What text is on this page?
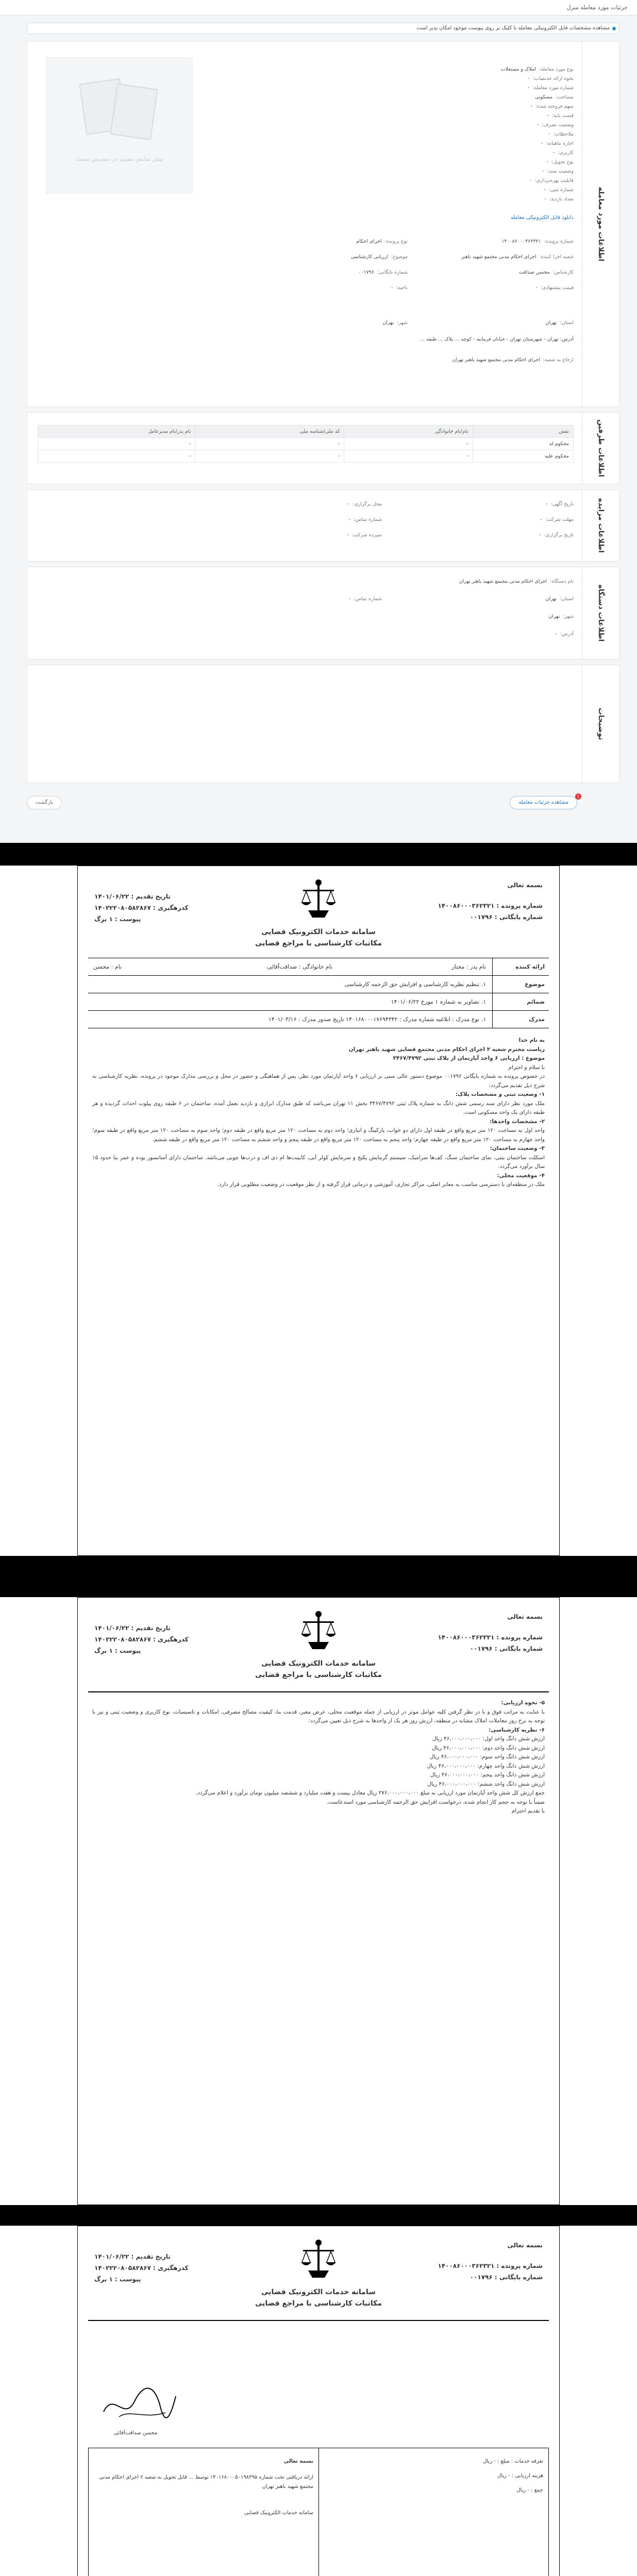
جزئیات مورد معامله منزل
مشاهده مشخصات فایل الکترونیکی معامله با کلیک بر روی پیوست موجود امکان پذیر است
اطلاعات مورد معامله
نوع مورد معامله:املاک و مستغلات
نحوه ارائه حدنصاب:-
شماره مورد معامله:-
مساحت:مسکونی
سهم فروخته شده:-
قیمت پایه:-
وضعیت تصرف:-
ملاحظات:-
اجاره ماهیانه:-
کاربری:-
نوع تحویل:-
وضعیت سند:-
قابلیت بهره‌برداری:-
شماره ثبتی:-
تعداد بازدید:-
دانلود فایل الکترونیکی معامله
شماره پرونده:۱۴۰۰۸۶۰۰۰۳۶۲۳۲۱
شعبه اجرا کننده:اجرای احکام مدنی مجتمع شهید باهنر
کارشناس:محسن صداقت
قیمت پیشنهادی:-
نوع پرونده:اجرای احکام
موضوع:ارزیابی کارشناسی
شماره بایگانی:۰۰۱۷۹۶
ناحیه:-
استان:تهران
شهر:تهران
آدرس: تهران - شهرستان تهران - خیابان فرمانیه - کوچه ... پلاک ... طبقه ...
ارجاع به شعبه:اجرای احکام مدنی مجتمع شهید باهنر تهران
پیش نمایش تصویر در دسترس نیست
اطلاعات طرفین
نقش	نام/نام خانوادگی	کد ملی/شناسه ملی	نام پدر/نام مدیرعامل
محکوم له	-	-	-
محکوم علیه	-	-	-
اطلاعات مزایده
تاریخ آگهی:-
مهلت شرکت:-
تاریخ برگزاری:-
محل برگزاری:-
شماره تماس:-
سپرده شرکت:-
اطلاعات دستگاه
نام دستگاه:اجرای احکام مدنی مجتمع شهید باهنر تهران
استان:تهران
شهر:تهران
آدرس:-
شماره تماس:-
توضیحات
مشاهده جزئیات معامله
1
بازگشت
بسمه تعالی
شماره پرونده : ۱۴۰۰۸۶۰۰۰۳۶۲۳۲۱
شماره بایگانی : ۰۰۱۷۹۶
تاریخ تقدیم : ۱۴۰۱/۰۶/۲۲
کدرهگیری : ۱۴۰۲۲۲۰۸۰۵۸۲۸۶۷
پیوست : ۱ برگ
سامانه خدمات الکترونیک قضایی
مکاتبات کارشناسی با مراجع قضایی
ارائه کننده
نام پدر : مختار
نام خانوادگی : صداقت‌آقائی
نام : محسن
موضوع
۱. تنظیم نظریه کارشناسی و افزایش حق الزحمه کارشناسی
ضمائم
۱. تصاویر به شماره ۱ مورخ ۱۴۰۱/۰۶/۲۲
مدرک
۱. نوع مدرک : ابلاغیه شماره مدرک : ۱۴۰۱۶۸۰۰۰۱۷۶۹۴۳۴۲ تاریخ صدور مدرک : ۱۴۰۱/۰۳/۱۶

به نام خدا

ریاست محترم شعبه ۲ اجرای احکام مدنی مجتمع قضایی شهید باهنر تهران

موضوع : ارزیابی ۶ واحد آپارتمان از پلاک ثبتی ۳۴۶۷/۴۷۹۲

با سلام و احترام

در خصوص پرونده به شماره بایگانی ۰۰۱۷۹۶ موضوع دستور عالی مبنی بر ارزیابی ۶ واحد آپارتمان مورد نظر، پس از هماهنگی و حضور در محل و بررسی مدارک موجود در پرونده، نظریه کارشناسی به شرح ذیل تقدیم می‌گردد:

۱- وضعیت ثبتی و مشخصات پلاک:

ملک مورد نظر دارای سند رسمی شش دانگ به شماره پلاک ثبتی ۳۴۶۷/۴۷۹۲ بخش ۱۱ تهران می‌باشد که طبق مدارک ابرازی و بازدید بعمل آمده، ساختمان در ۶ طبقه روی پیلوت احداث گردیده و هر طبقه دارای یک واحد مسکونی است.

۲- مشخصات واحدها:

واحد اول به مساحت ۱۲۰ متر مربع واقع در طبقه اول دارای دو خواب، پارکینگ و انباری؛ واحد دوم به مساحت ۱۲۰ متر مربع واقع در طبقه دوم؛ واحد سوم به مساحت ۱۲۰ متر مربع واقع در طبقه سوم؛ واحد چهارم به مساحت ۱۲۰ متر مربع واقع در طبقه چهارم؛ واحد پنجم به مساحت ۱۲۰ متر مربع واقع در طبقه پنجم و واحد ششم به مساحت ۱۲۰ متر مربع واقع در طبقه ششم.

۳- وضعیت ساختمان:

اسکلت ساختمان بتنی، نمای ساختمان سنگ، کف‌ها سرامیک، سیستم گرمایش پکیج و سرمایش کولر آبی، کابینت‌ها ام دی اف و درب‌ها چوبی می‌باشد. ساختمان دارای آسانسور بوده و عمر بنا حدود ۱۵ سال برآورد می‌گردد.

۴- موقعیت محلی:

ملک در منطقه‌ای با دسترسی مناسب به معابر اصلی، مراکز تجاری، آموزشی و درمانی قرار گرفته و از نظر موقعیت در وضعیت مطلوبی قرار دارد.

بسمه تعالی
شماره پرونده : ۱۴۰۰۸۶۰۰۰۳۶۲۳۲۱
شماره بایگانی : ۰۰۱۷۹۶
تاریخ تقدیم : ۱۴۰۱/۰۶/۲۲
کدرهگیری : ۱۴۰۲۲۲۰۸۰۵۸۲۸۶۷
پیوست : ۱ برگ
سامانه خدمات الکترونیک قضایی
مکاتبات کارشناسی با مراجع قضایی

۵- نحوه ارزیابی:

با عنایت به مراتب فوق و با در نظر گرفتن کلیه عوامل موثر در ارزیابی از جمله موقعیت محلی، عرض معبر، قدمت بنا، کیفیت مصالح مصرفی، امکانات و تاسیسات، نوع کاربری و وضعیت ثبتی و نیز با توجه به نرخ روز معاملات املاک مشابه در منطقه، ارزش روز هر یک از واحدها به شرح ذیل تعیین می‌گردد:

۶- نظریه کارشناسی:

ارزش شش دانگ واحد اول: ۴۶،۰۰۰،۰۰۰،۰۰۰ ریال

ارزش شش دانگ واحد دوم: ۴۶،۰۰۰،۰۰۰،۰۰۰ ریال

ارزش شش دانگ واحد سوم: ۴۶،۰۰۰،۰۰۰،۰۰۰ ریال

ارزش شش دانگ واحد چهارم: ۴۶،۰۰۰،۰۰۰،۰۰۰ ریال

ارزش شش دانگ واحد پنجم: ۴۶،۰۰۰،۰۰۰،۰۰۰ ریال

ارزش شش دانگ واحد ششم: ۴۶،۰۰۰،۰۰۰،۰۰۰ ریال

جمع ارزش کل شش واحد آپارتمان مورد ارزیابی به مبلغ ۲۷۶،۰۰۰،۰۰۰،۰۰۰ ریال معادل بیست و هفت میلیارد و ششصد میلیون تومان برآورد و اعلام می‌گردد.

ضمناً با توجه به حجم کار انجام شده، درخواست افزایش حق الزحمه کارشناسی مورد استدعاست.

با تقدیم احترام

بسمه تعالی
شماره پرونده : ۱۴۰۰۸۶۰۰۰۳۶۲۳۲۱
شماره بایگانی : ۰۰۱۷۹۶
تاریخ تقدیم : ۱۴۰۱/۰۶/۲۲
کدرهگیری : ۱۴۰۲۲۲۰۸۰۵۸۲۸۶۷
پیوست : ۱ برگ
سامانه خدمات الکترونیک قضایی
مکاتبات کارشناسی با مراجع قضایی
محسن صداقت‌آقائی
تعرفه خدمات : مبلغ : - ریال
هزینه ارزیابی : - ریال
جمع : - ریال
بسمه تعالی
ارائه دریافتی تحت شماره ۱۴۰۱۶۸۰۰۰۵۰۱۹۸۳۹۵ توسط ... قابل تحویل به شعبه ۲ اجرای احکام مدنی مجتمع شهید باهنر تهران
سامانه خدمات الکترونیک قضایی
